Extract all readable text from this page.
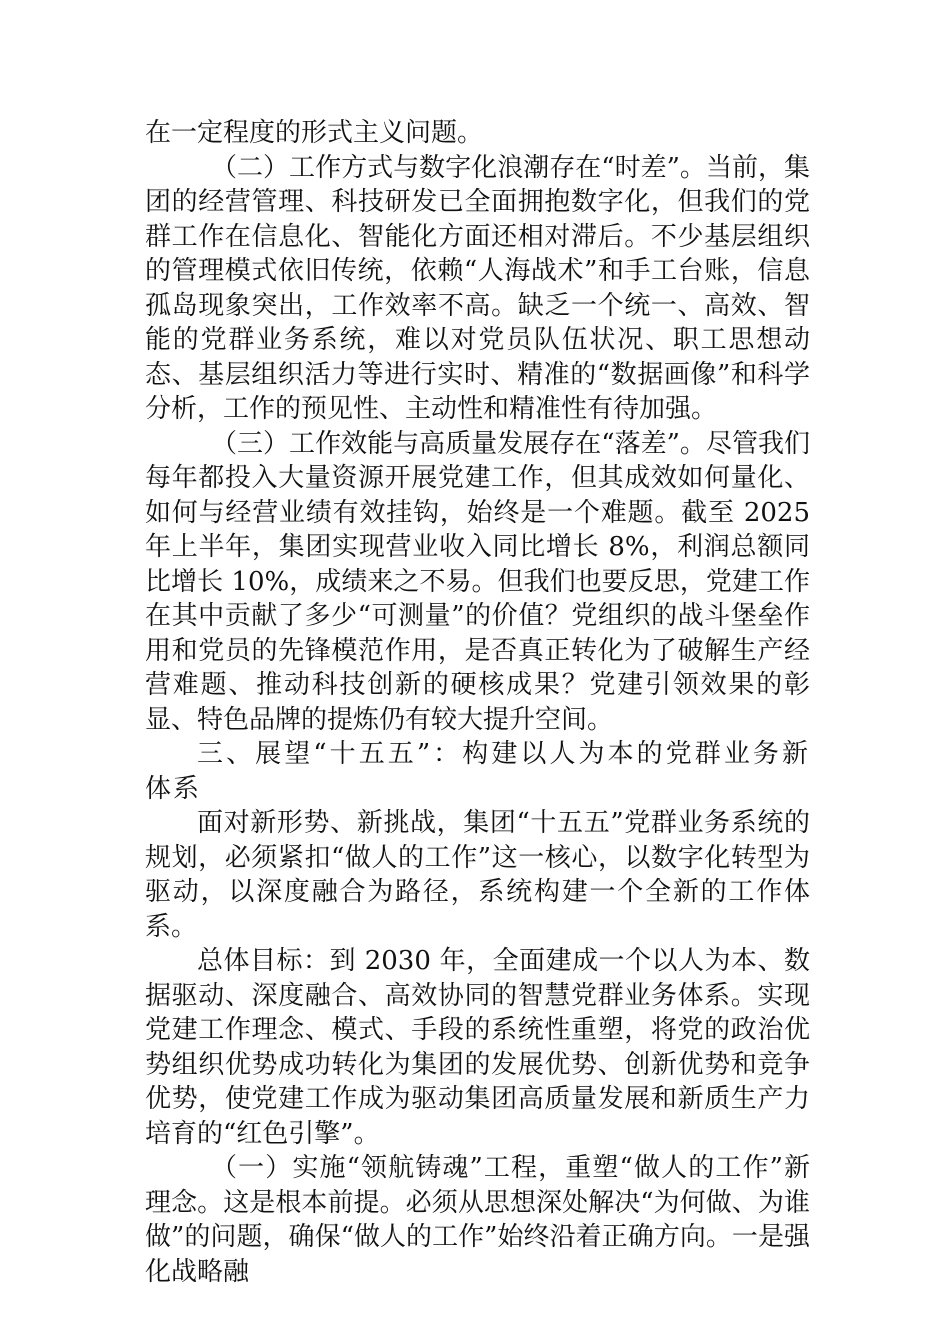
在一定程度的形式主义问题。

（二）工作方式与数字化浪潮存在“时差”。当前，集团的经营管理、科技研发已全面拥抱数字化，但我们的党群工作在信息化、智能化方面还相对滞后。不少基层组织的管理模式依旧传统，依赖“人海战术”和手工台账，信息孤岛现象突出，工作效率不高。缺乏一个统一、高效、智能的党群业务系统，难以对党员队伍状况、职工思想动态、基层组织活力等进行实时、精准的“数据画像”和科学分析，工作的预见性、主动性和精准性有待加强。

（三）工作效能与高质量发展存在“落差”。尽管我们每年都投入大量资源开展党建工作，但其成效如何量化、如何与经营业绩有效挂钩，始终是一个难题。截至 2025 年上半年，集团实现营业收入同比增长 8%，利润总额同比增长 10%，成绩来之不易。但我们也要反思，党建工作在其中贡献了多少“可测量”的价值？党组织的战斗堡垒作用和党员的先锋模范作用，是否真正转化为了破解生产经营难题、推动科技创新的硬核成果？党建引领效果的彰显、特色品牌的提炼仍有较大提升空间。

三、展望“十五五”：构建以人为本的党群业务新体系

面对新形势、新挑战，集团“十五五”党群业务系统的规划，必须紧扣“做人的工作”这一核心，以数字化转型为驱动，以深度融合为路径，系统构建一个全新的工作体系。

总体目标：到 2030 年，全面建成一个以人为本、数据驱动、深度融合、高效协同的智慧党群业务体系。实现党建工作理念、模式、手段的系统性重塑，将党的政治优势组织优势成功转化为集团的发展优势、创新优势和竞争优势，使党建工作成为驱动集团高质量发展和新质生产力培育的“红色引擎”。

（一）实施“领航铸魂”工程，重塑“做人的工作”新理念。这是根本前提。必须从思想深处解决“为何做、为谁做”的问题，确保“做人的工作”始终沿着正确方向。一是强化战略融
